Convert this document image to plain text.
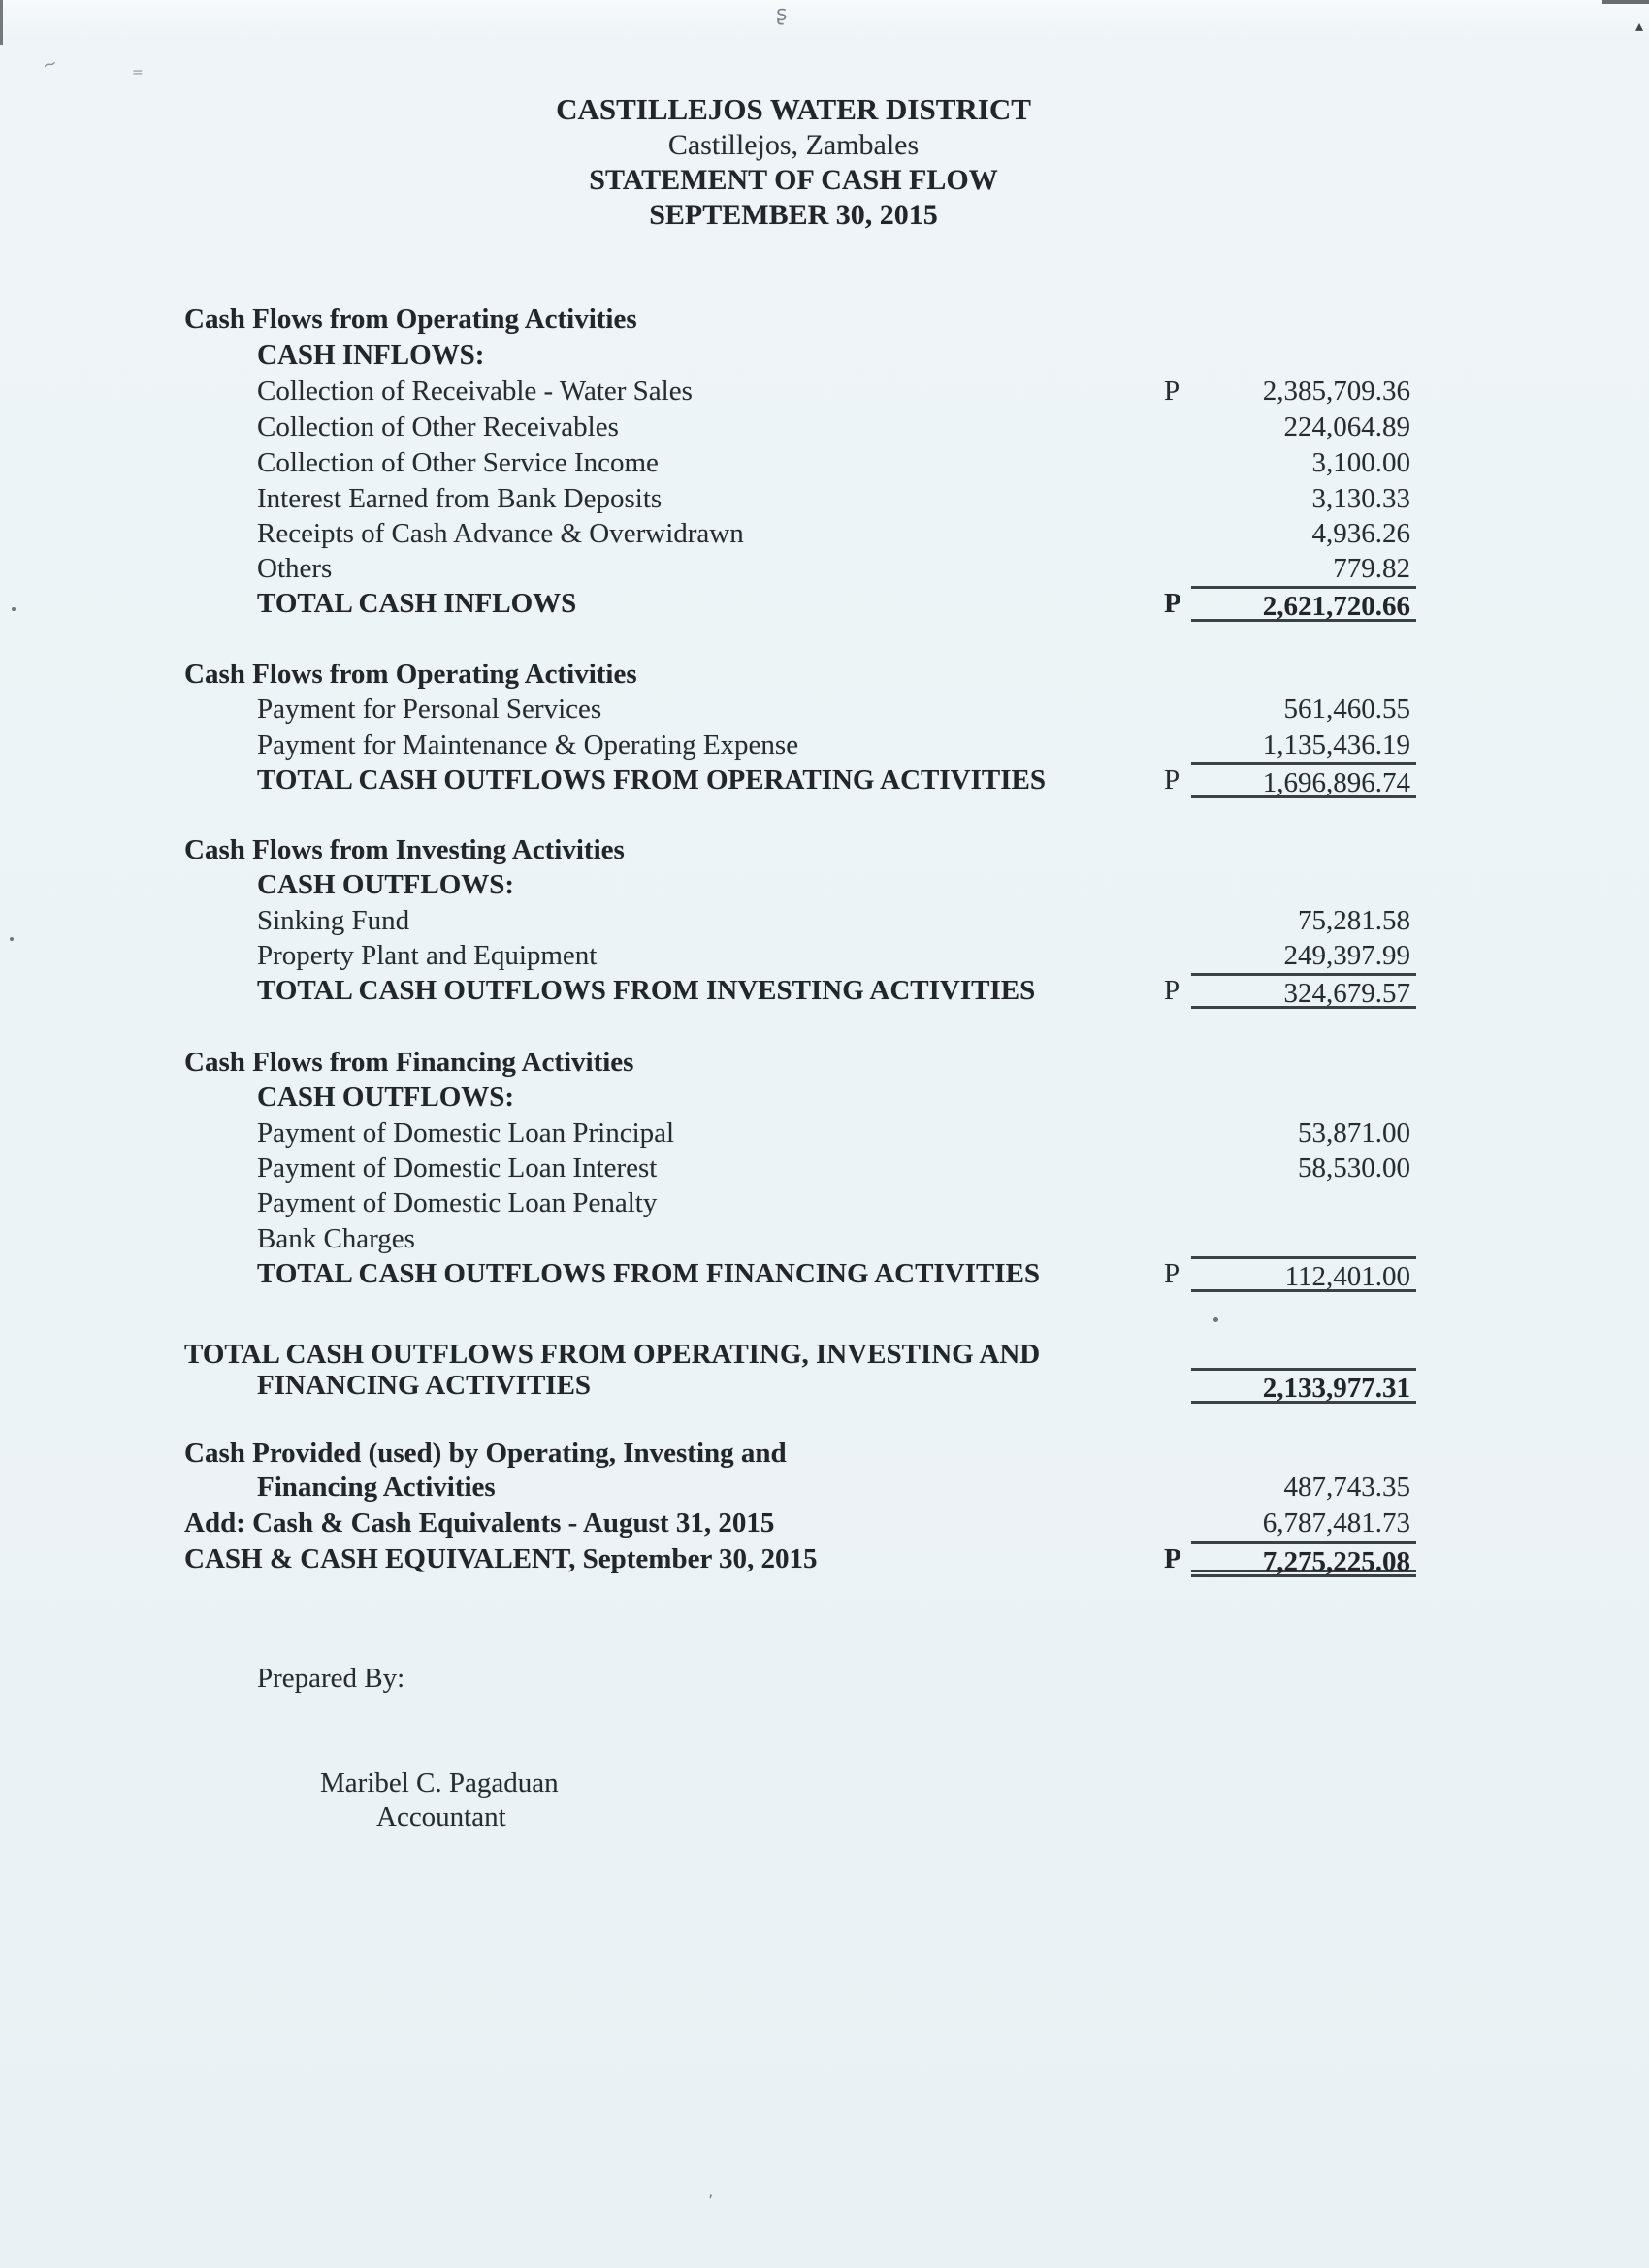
~	=
ʂ	▴
’
CASTILLEJOS WATER DISTRICT
Castillejos, Zambales
STATEMENT OF CASH FLOW
SEPTEMBER 30, 2015
Cash Flows from Operating Activities
CASH INFLOWS:
Collection of Receivable - Water Sales	P	2,385,709.36
Collection of Other Receivables	224,064.89
Collection of Other Service Income	3,100.00
Interest Earned from Bank Deposits	3,130.33
Receipts of Cash Advance & Overwidrawn	4,936.26
Others	779.82
TOTAL CASH INFLOWS	P	2,621,720.66
Cash Flows from Operating Activities
Payment for Personal Services	561,460.55
Payment for Maintenance & Operating Expense	1,135,436.19
TOTAL CASH OUTFLOWS FROM OPERATING ACTIVITIES	P	1,696,896.74
Cash Flows from Investing Activities
CASH OUTFLOWS:
Sinking Fund	75,281.58
Property Plant and Equipment	249,397.99
TOTAL CASH OUTFLOWS FROM INVESTING ACTIVITIES	P	324,679.57
Cash Flows from Financing Activities
CASH OUTFLOWS:
Payment of Domestic Loan Principal	53,871.00
Payment of Domestic Loan Interest	58,530.00
Payment of Domestic Loan Penalty
Bank Charges
TOTAL CASH OUTFLOWS FROM FINANCING ACTIVITIES	P	112,401.00
TOTAL CASH OUTFLOWS FROM OPERATING, INVESTING AND
FINANCING ACTIVITIES	2,133,977.31
Cash Provided (used) by Operating, Investing and
Financing Activities	487,743.35
Add: Cash & Cash Equivalents - August 31, 2015	6,787,481.73
CASH & CASH EQUIVALENT, September 30, 2015	P	7,275,225.08
Prepared By:
Maribel C. Pagaduan
Accountant
